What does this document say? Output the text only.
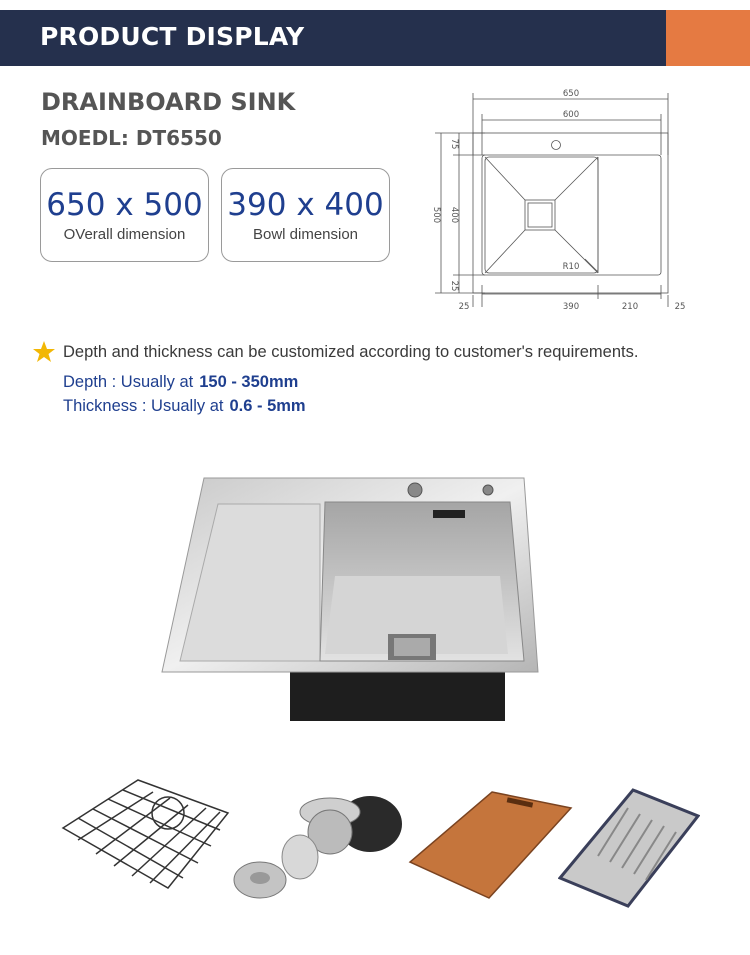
PRODUCT DISPLAY
DRAINBOARD SINK
MOEDL: DT6550
650 x 500
OVerall dimension
390 x 400
Bowl dimension
650
600
390	210
25	25
R10
75
500 400
25
Depth and thickness can be customized according to customer's requirements.
Depth : Usually at 150 - 350mm
Thickness : Usually at 0.6 - 5mm
